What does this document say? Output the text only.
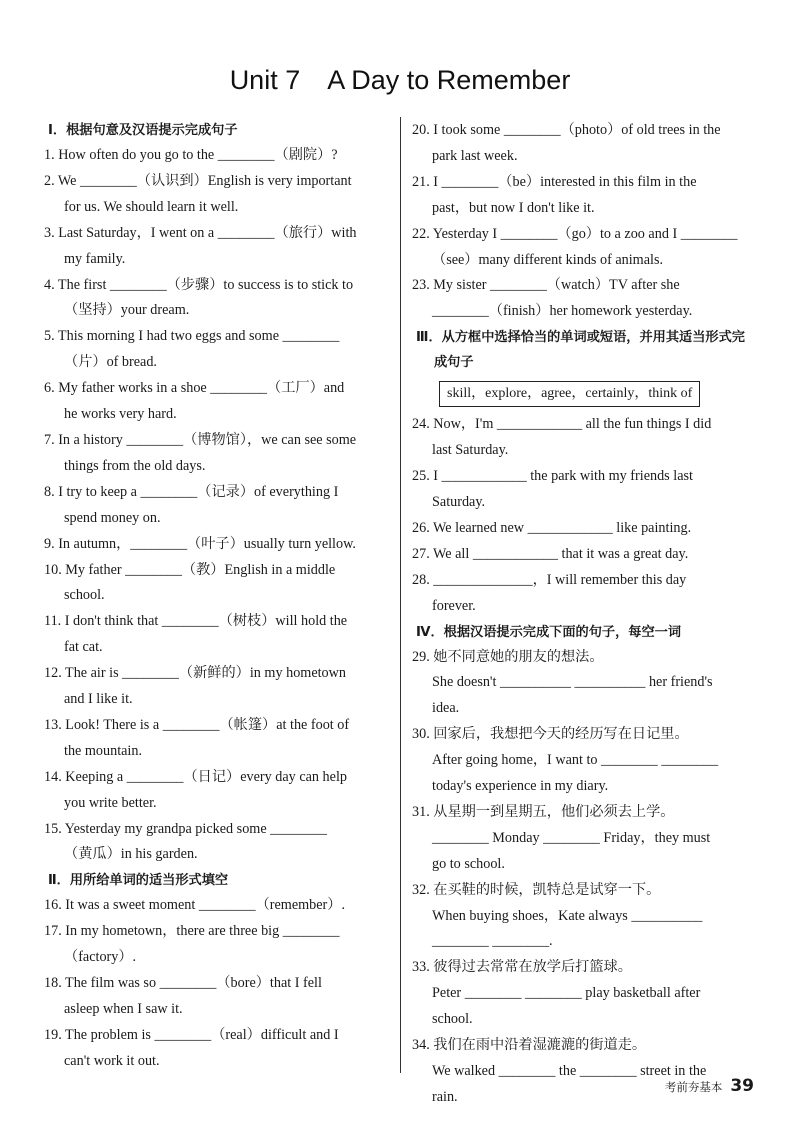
Unit 7　A Day to Remember
Ⅰ．根据句意及汉语提示完成句子
1. How often do you go to the ________（剧院）?
2. We ________（认识到）English is very important
for us. We should learn it well.
3. Last Saturday，I went on a ________（旅行）with
my family.
4. The first ________（步骤）to success is to stick to
（坚持）your dream.
5. This morning I had two eggs and some ________
（片）of bread.
6. My father works in a shoe ________（工厂）and
he works very hard.
7. In a history ________（博物馆），we can see some
things from the old days.
8. I try to keep a ________（记录）of everything I
spend money on.
9. In autumn，________（叶子）usually turn yellow.
10. My father ________（教）English in a middle
school.
11. I don't think that ________（树枝）will hold the
fat cat.
12. The air is ________（新鲜的）in my hometown
and I like it.
13. Look! There is a ________（帐篷）at the foot of
the mountain.
14. Keeping a ________（日记）every day can help
you write better.
15. Yesterday my grandpa picked some ________
（黄瓜）in his garden.
Ⅱ．用所给单词的适当形式填空
16. It was a sweet moment ________（remember）.
17. In my hometown，there are three big ________
（factory）.
18. The film was so ________（bore）that I fell
asleep when I saw it.
19. The problem is ________（real）difficult and I
can't work it out.
20. I took some ________（photo）of old trees in the
park last week.
21. I ________（be）interested in this film in the
past，but now I don't like it.
22. Yesterday I ________（go）to a zoo and I ________
（see）many different kinds of animals.
23. My sister ________（watch）TV after she
________（finish）her homework yesterday.
Ⅲ．从方框中选择恰当的单词或短语，并用其适当形式完成句子
skill，explore，agree，certainly，think of
24. Now，I'm ____________ all the fun things I did
last Saturday.
25. I ____________ the park with my friends last
Saturday.
26. We learned new ____________ like painting.
27. We all ____________ that it was a great day.
28. ______________，I will remember this day
forever.
Ⅳ．根据汉语提示完成下面的句子，每空一词
29. 她不同意她的朋友的想法。
She doesn't __________ __________ her friend's
idea.
30. 回家后，我想把今天的经历写在日记里。
After going home，I want to ________ ________
today's experience in my diary.
31. 从星期一到星期五，他们必须去上学。
________ Monday ________ Friday，they must
go to school.
32. 在买鞋的时候，凯特总是试穿一下。
When buying shoes，Kate always __________
________ ________.
33. 彼得过去常常在放学后打篮球。
Peter ________ ________ play basketball after
school.
34. 我们在雨中沿着湿漉漉的街道走。
We walked ________ the ________ street in the
rain.
考前夯基本 39
